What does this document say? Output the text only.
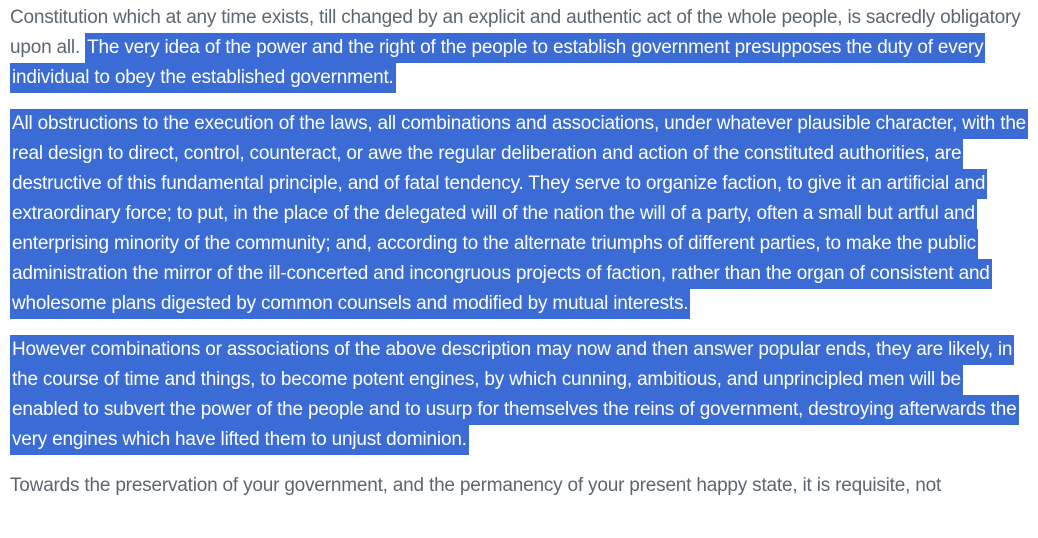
Constitution which at any time exists, till changed by an explicit and authentic act of the whole people, is sacredly obligatory upon all. The very idea of the power and the right of the people to establish government presupposes the duty of every individual to obey the established government.

All obstructions to the execution of the laws, all combinations and associations, under whatever plausible character, with the real design to direct, control, counteract, or awe the regular deliberation and action of the constituted authorities, are destructive of this fundamental principle, and of fatal tendency. They serve to organize faction, to give it an artificial and extraordinary force; to put, in the place of the delegated will of the nation the will of a party, often a small but artful and enterprising minority of the community; and, according to the alternate triumphs of different parties, to make the public administration the mirror of the ill-concerted and incongruous projects of faction, rather than the organ of consistent and wholesome plans digested by common counsels and modified by mutual interests.

However combinations or associations of the above description may now and then answer popular ends, they are likely, in the course of time and things, to become potent engines, by which cunning, ambitious, and unprincipled men will be enabled to subvert the power of the people and to usurp for themselves the reins of government, destroying afterwards the very engines which have lifted them to unjust dominion.

Towards the preservation of your government, and the permanency of your present happy state, it is requisite, not
